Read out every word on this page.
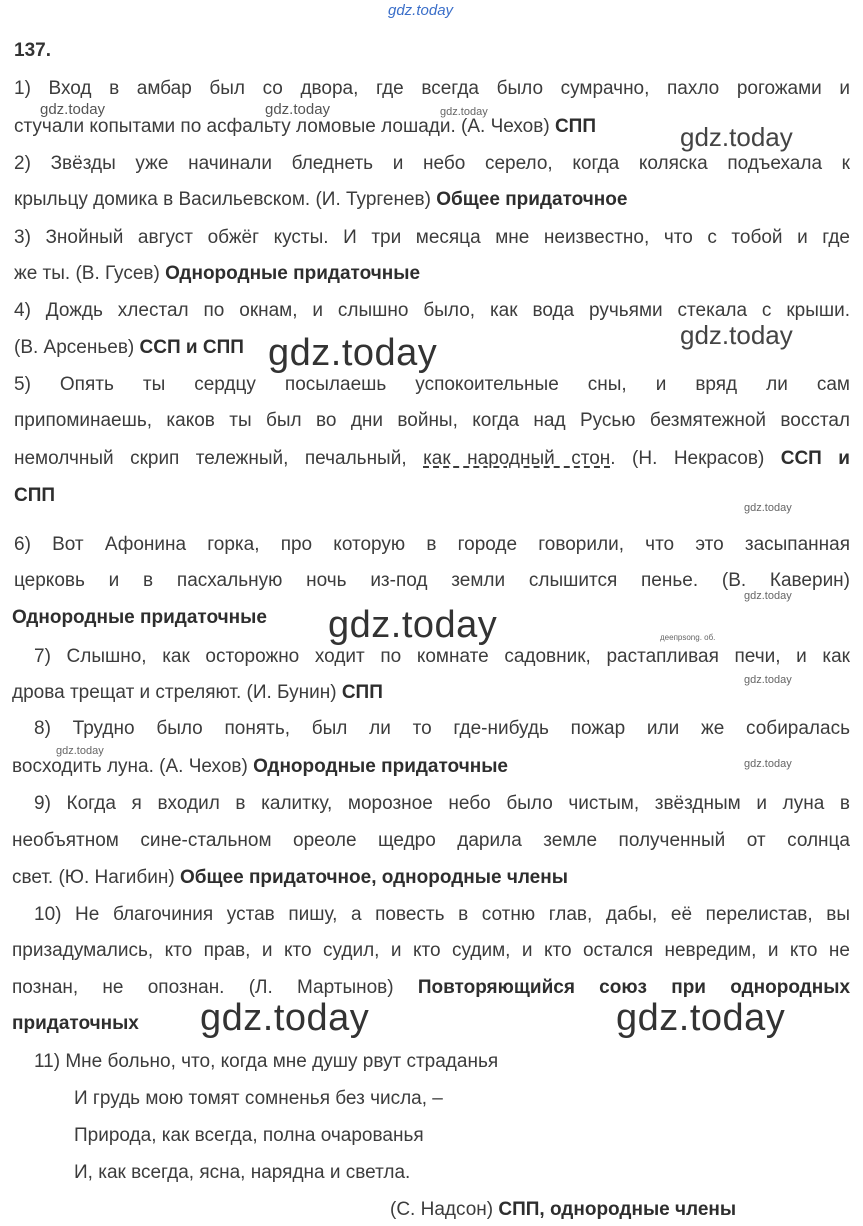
gdz.today
137.
1) Вход в амбар был со двора, где всегда было сумрачно, пахло рогожами и
gdz.today	gdz.today	gdz.today
стучали копытами по асфальту ломовые лошади. (А. Чехов) СПП	gdz.today
2) Звёзды уже начинали бледнеть и небо серело, когда коляска подъехала к
крыльцу домика в Васильевском. (И. Тургенев) Общее придаточное
3) Знойный август обжёг кусты. И три месяца мне неизвестно, что с тобой и где
же ты. (В. Гусев) Однородные придаточные
4) Дождь хлестал по окнам, и слышно было, как вода ручьями стекала с крыши.
gdz.today
(В. Арсеньев) ССП и СПП gdz.today
5) Опять ты сердцу посылаешь успокоительные сны, и вряд ли сам
припоминаешь, каков ты был во дни войны, когда над Русью безмятежной восстал
немолчный скрип тележный, печальный, как народный стон. (Н. Некрасов) ССП и
СПП
gdz.today
6) Вот Афонина горка, про которую в городе говорили, что это засыпанная
церковь и в пасхальную ночь из-под земли слышится пенье. (В. Каверин)
gdz.today
Однородные придаточные gdz.today	деепрsong. об.
7) Слышно, как осторожно ходит по комнате садовник, растапливая печи, и как
gdz.today
дрова трещат и стреляют. (И. Бунин) СПП
8) Трудно было понять, был ли то где-нибудь пожар или же собиралась
gdz.today
восходить луна. (А. Чехов) Однородные придаточные	gdz.today
9) Когда я входил в калитку, морозное небо было чистым, звёздным и луна в
необъятном сине-стальном ореоле щедро дарила земле полученный от солнца
свет. (Ю. Нагибин) Общее придаточное, однородные члены
10) Не благочиния устав пишу, а повесть в сотню глав, дабы, её перелистав, вы
призадумались, кто прав, и кто судил, и кто судим, и кто остался невредим, и кто не
познан, не опознан. (Л. Мартынов) Повторяющийся союз при однородных
придаточных gdz.today	gdz.today
11) Мне больно, что, когда мне душу рвут страданья
И грудь мою томят сомненья без числа, –
Природа, как всегда, полна очарованья
И, как всегда, ясна, нарядна и светла.
(С. Надсон) СПП, однородные члены
